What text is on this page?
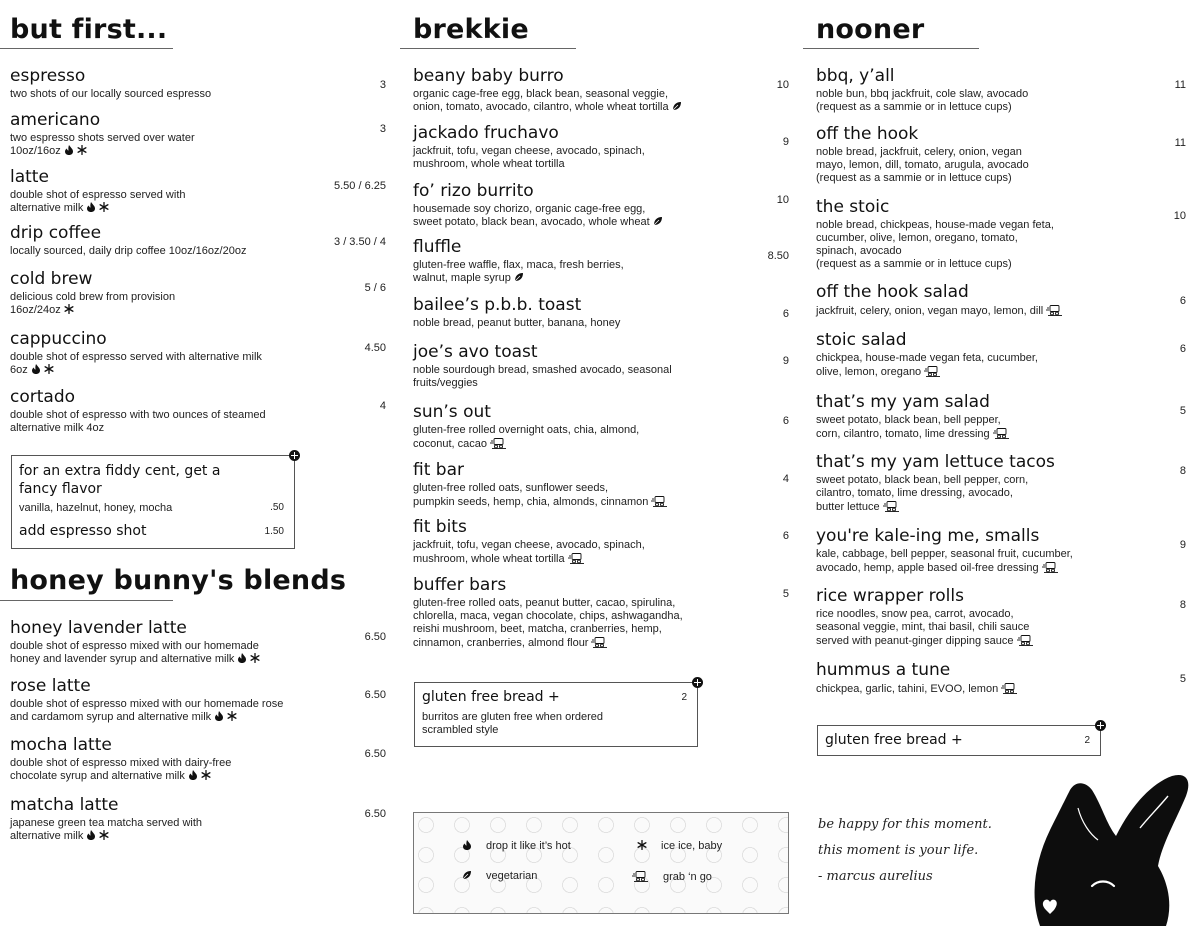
but first...
espresso
two shots of our locally sourced espresso
3
americano
two espresso shots served over water
10oz/16oz
3
latte
double shot of espresso served with
alternative milk
5.50 / 6.25
drip coffee
locally sourced, daily drip coffee 10oz/16oz/20oz
3 / 3.50 / 4
cold brew
delicious cold brew from provision
16oz/24oz
5 / 6
cappuccino
double shot of espresso served with alternative milk
6oz
4.50
cortado
double shot of espresso with two ounces of steamed
alternative milk 4oz
4
for an extra fiddy cent, get a
fancy flavor
vanilla, hazelnut, honey, mocha	.50
add espresso shot	1.50
honey bunny's blends
honey lavender latte
double shot of espresso mixed with our homemade
honey and lavender syrup and alternative milk
6.50
rose latte
double shot of espresso mixed with our homemade rose
and cardamom syrup and alternative milk
6.50
mocha latte
double shot of espresso mixed with dairy-free
chocolate syrup and alternative milk
6.50
matcha latte
japanese green tea matcha served with
alternative milk
6.50
brekkie
beany baby burro
organic cage-free egg, black bean, seasonal veggie,
onion, tomato, avocado, cilantro, whole wheat tortilla
10
jackado fruchavo
jackfruit, tofu, vegan cheese, avocado, spinach,
mushroom, whole wheat tortilla
9
fo’ rizo burrito
housemade soy chorizo, organic cage-free egg,
sweet potato, black bean, avocado, whole wheat
10
fluffle
gluten-free waffle, flax, maca, fresh berries,
walnut, maple syrup
8.50
bailee’s p.b.b. toast
noble bread, peanut butter, banana, honey
6
joe’s avo toast
noble sourdough bread, smashed avocado, seasonal
fruits/veggies
9
sun’s out
gluten-free rolled overnight oats, chia, almond,
coconut, cacao
6
fit bar
gluten-free rolled oats, sunflower seeds,
pumpkin seeds, hemp, chia, almonds, cinnamon
4
fit bits
jackfruit, tofu, vegan cheese, avocado, spinach,
mushroom, whole wheat tortilla
6
buffer bars
gluten-free rolled oats, peanut butter, cacao, spirulina,
chlorella, maca, vegan chocolate, chips, ashwagandha,
reishi mushroom, beet, matcha, cranberries, hemp,
cinnamon, cranberries, almond flour
5
gluten free bread +	2
burritos are gluten free when ordered
scrambled style
drop it like it’s hot	ice ice, baby
vegetarian	grab ‘n go
nooner
bbq, y’all
noble bun, bbq jackfruit, cole slaw, avocado
(request as a sammie or in lettuce cups)
11
off the hook
noble bread, jackfruit, celery, onion, vegan
mayo, lemon, dill, tomato, arugula, avocado
(request as a sammie or in lettuce cups)
11
the stoic
noble bread, chickpeas, house-made vegan feta,
cucumber, olive, lemon, oregano, tomato,
spinach, avocado
(request as a sammie or in lettuce cups)
10
off the hook salad
jackfruit, celery, onion, vegan mayo, lemon, dill
6
stoic salad
chickpea, house-made vegan feta, cucumber,
olive, lemon, oregano
6
that’s my yam salad
sweet potato, black bean, bell pepper,
corn, cilantro, tomato, lime dressing
5
that’s my yam lettuce tacos
sweet potato, black bean, bell pepper, corn,
cilantro, tomato, lime dressing, avocado,
butter lettuce
8
you're kale-ing me, smalls
kale, cabbage, bell pepper, seasonal fruit, cucumber,
avocado, hemp, apple based oil-free dressing
9
rice wrapper rolls
rice noodles, snow pea, carrot, avocado,
seasonal veggie, mint, thai basil, chili sauce
served with peanut-ginger dipping sauce
8
hummus a tune
chickpea, garlic, tahini, EVOO, lemon
5
gluten free bread +	2
be happy for this moment.
this moment is your life.
- marcus aurelius
